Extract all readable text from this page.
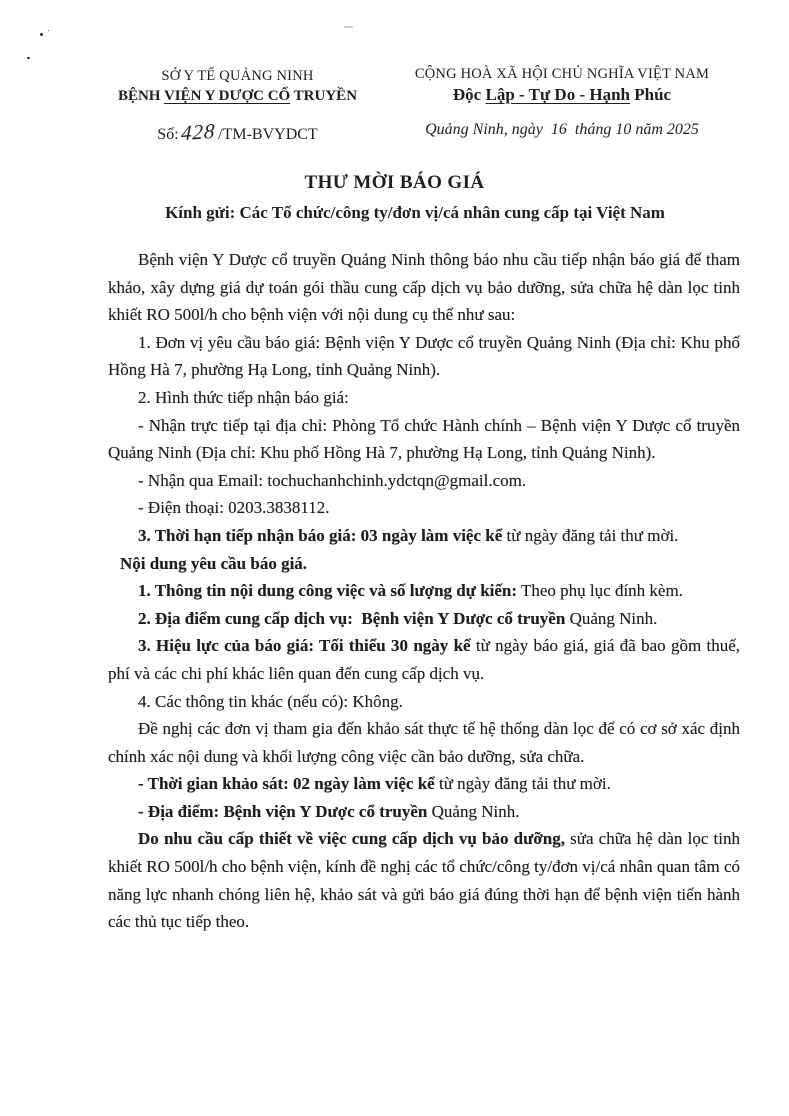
SỞ Y TẾ QUẢNG NINH
BỆNH VIỆN Y DƯỢC CỔ TRUYỀN
Số:428 /TM-BVYDCT
CỘNG HOÀ XÃ HỘI CHỦ NGHĨA VIỆT NAM
Độc Lập - Tự Do - Hạnh Phúc
Quảng Ninh, ngày  16  tháng 10 năm 2025
THƯ MỜI BÁO GIÁ
Kính gửi: Các Tổ chức/công ty/đơn vị/cá nhân cung cấp tại Việt Nam

Bệnh viện Y Dược cổ truyền Quảng Ninh thông báo nhu cầu tiếp nhận báo giá để tham khảo, xây dựng giá dự toán gói thầu cung cấp dịch vụ bảo dưỡng, sửa chữa hệ dàn lọc tinh khiết RO 500l/h cho bệnh viện với nội dung cụ thể như sau:

1. Đơn vị yêu cầu báo giá: Bệnh viện Y Dược cổ truyền Quảng Ninh (Địa chỉ: Khu phố Hồng Hà 7, phường Hạ Long, tỉnh Quảng Ninh).

2. Hình thức tiếp nhận báo giá:

- Nhận trực tiếp tại địa chỉ: Phòng Tổ chức Hành chính – Bệnh viện Y Dược cổ truyền Quảng Ninh (Địa chỉ: Khu phố Hồng Hà 7, phường Hạ Long, tỉnh Quảng Ninh).

- Nhận qua Email: tochuchanhchinh.ydctqn@gmail.com.

- Điện thoại: 0203.3838112.

3. Thời hạn tiếp nhận báo giá: 03 ngày làm việc kể từ ngày đăng tải thư mời.

Nội dung yêu cầu báo giá.

1. Thông tin nội dung công việc và số lượng dự kiến: Theo phụ lục đính kèm.

2. Địa điểm cung cấp dịch vụ:  Bệnh viện Y Dược cổ truyền Quảng Ninh.

3. Hiệu lực của báo giá: Tối thiểu 30 ngày kể từ ngày báo giá, giá đã bao gồm thuế, phí và các chi phí khác liên quan đến cung cấp dịch vụ.

4. Các thông tin khác (nếu có): Không.

Đề nghị các đơn vị tham gia đến khảo sát thực tế hệ thống dàn lọc để có cơ sở xác định chính xác nội dung và khối lượng công việc cần bảo dưỡng, sửa chữa.

- Thời gian khảo sát: 02 ngày làm việc kể từ ngày đăng tải thư mời.

- Địa điểm: Bệnh viện Y Dược cổ truyền Quảng Ninh.

Do nhu cầu cấp thiết về việc cung cấp dịch vụ bảo dưỡng, sửa chữa hệ dàn lọc tinh khiết RO 500l/h cho bệnh viện, kính đề nghị các tổ chức/công ty/đơn vị/cá nhân quan tâm có năng lực nhanh chóng liên hệ, khảo sát và gửi báo giá đúng thời hạn để bệnh viện tiến hành các thủ tục tiếp theo.
